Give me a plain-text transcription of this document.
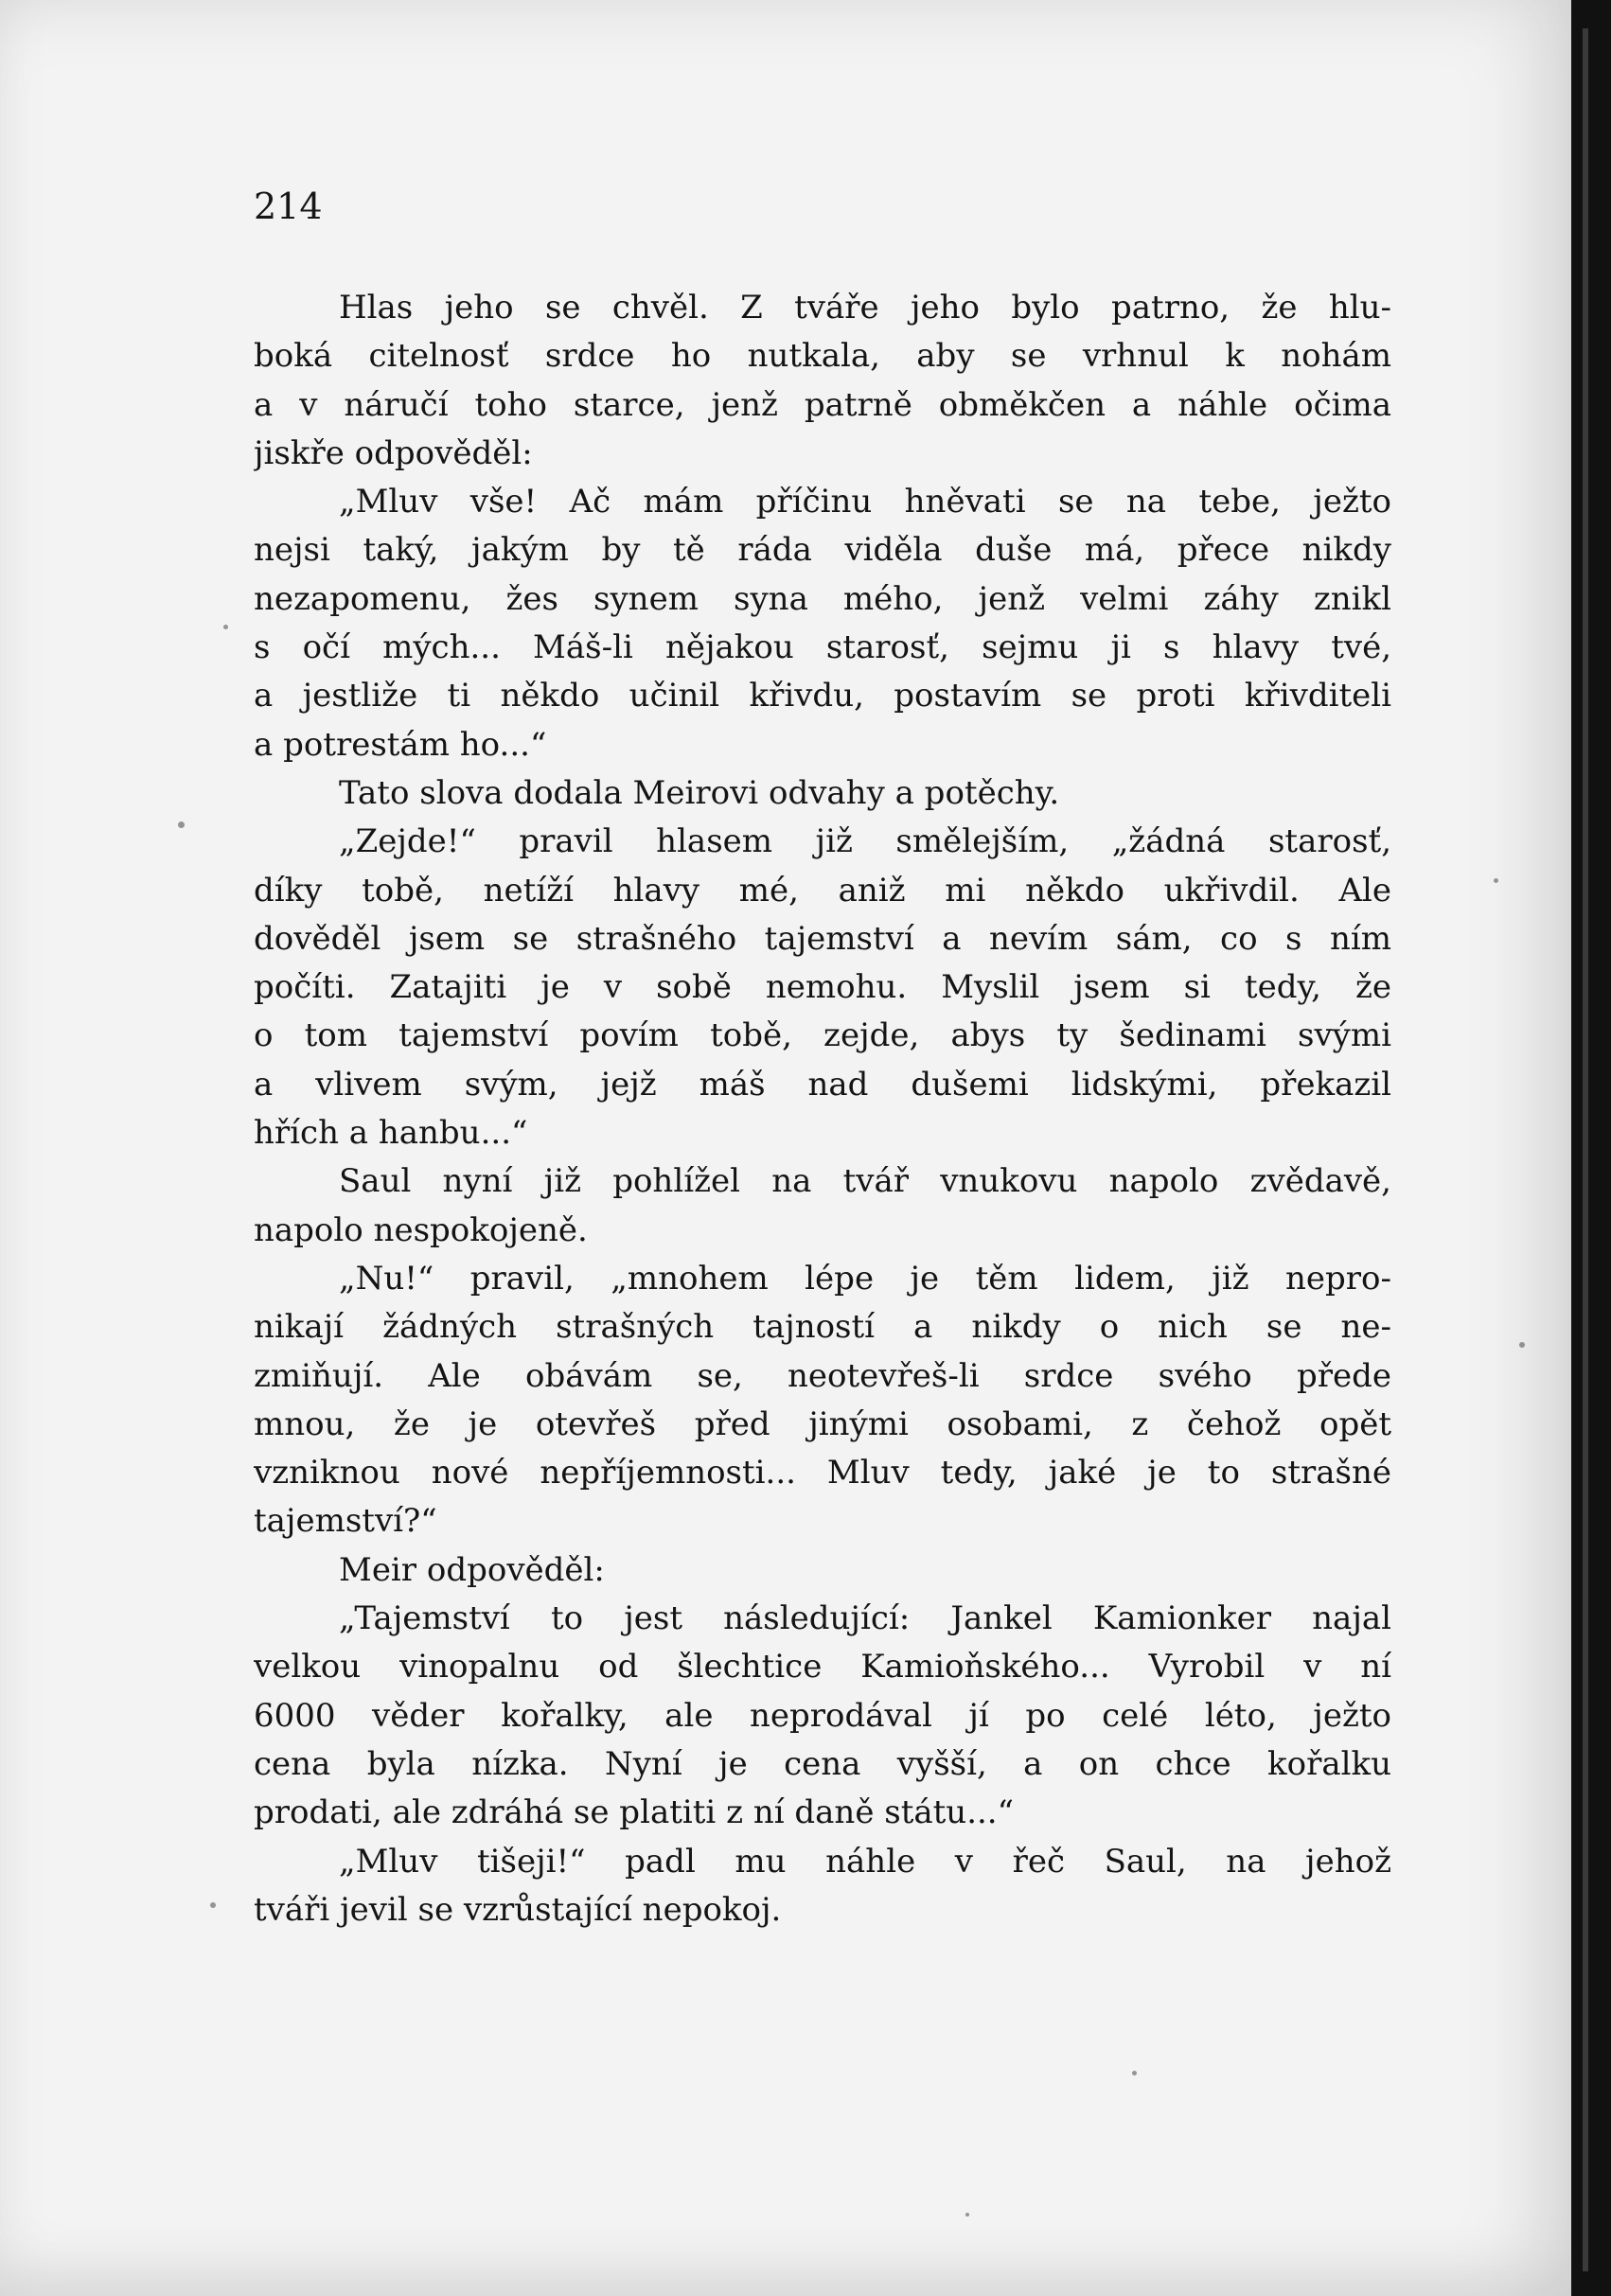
214
Hlas jeho se chvěl. Z tváře jeho bylo patrno, že hlu-
boká citelnosť srdce ho nutkala, aby se vrhnul k nohám
a v náručí toho starce, jenž patrně obměkčen a náhle očima
jiskře odpověděl:
„Mluv vše! Ač mám příčinu hněvati se na tebe, ježto
nejsi taký, jakým by tě ráda viděla duše má, přece nikdy
nezapomenu, žes synem syna mého, jenž velmi záhy znikl
s očí mých... Máš-li nějakou starosť, sejmu ji s hlavy tvé,
a jestliže ti někdo učinil křivdu, postavím se proti křivditeli
a potrestám ho...“
Tato slova dodala Meirovi odvahy a potěchy.
„Zejde!“ pravil hlasem již smělejším, „žádná starosť,
díky tobě, netíží hlavy mé, aniž mi někdo ukřivdil. Ale
dověděl jsem se strašného tajemství a nevím sám, co s ním
počíti. Zatajiti je v sobě nemohu. Myslil jsem si tedy, že
o tom tajemství povím tobě, zejde, abys ty šedinami svými
a vlivem svým, jejž máš nad dušemi lidskými, překazil
hřích a hanbu...“
Saul nyní již pohlížel na tvář vnukovu napolo zvědavě,
napolo nespokojeně.
„Nu!“ pravil, „mnohem lépe je těm lidem, již nepro-
nikají žádných strašných tajností a nikdy o nich se ne-
zmiňují. Ale obávám se, neotevřeš-li srdce svého přede
mnou, že je otevřeš před jinými osobami, z čehož opět
vzniknou nové nepříjemnosti... Mluv tedy, jaké je to strašné
tajemství?“
Meir odpověděl:
„Tajemství to jest následující: Jankel Kamionker najal
velkou vinopalnu od šlechtice Kamioňského... Vyrobil v ní
6000 věder kořalky, ale neprodával jí po celé léto, ježto
cena byla nízka. Nyní je cena vyšší, a on chce kořalku
prodati, ale zdráhá se platiti z ní daně státu...“
„Mluv tišeji!“ padl mu náhle v řeč Saul, na jehož
tváři jevil se vzrůstající nepokoj.
